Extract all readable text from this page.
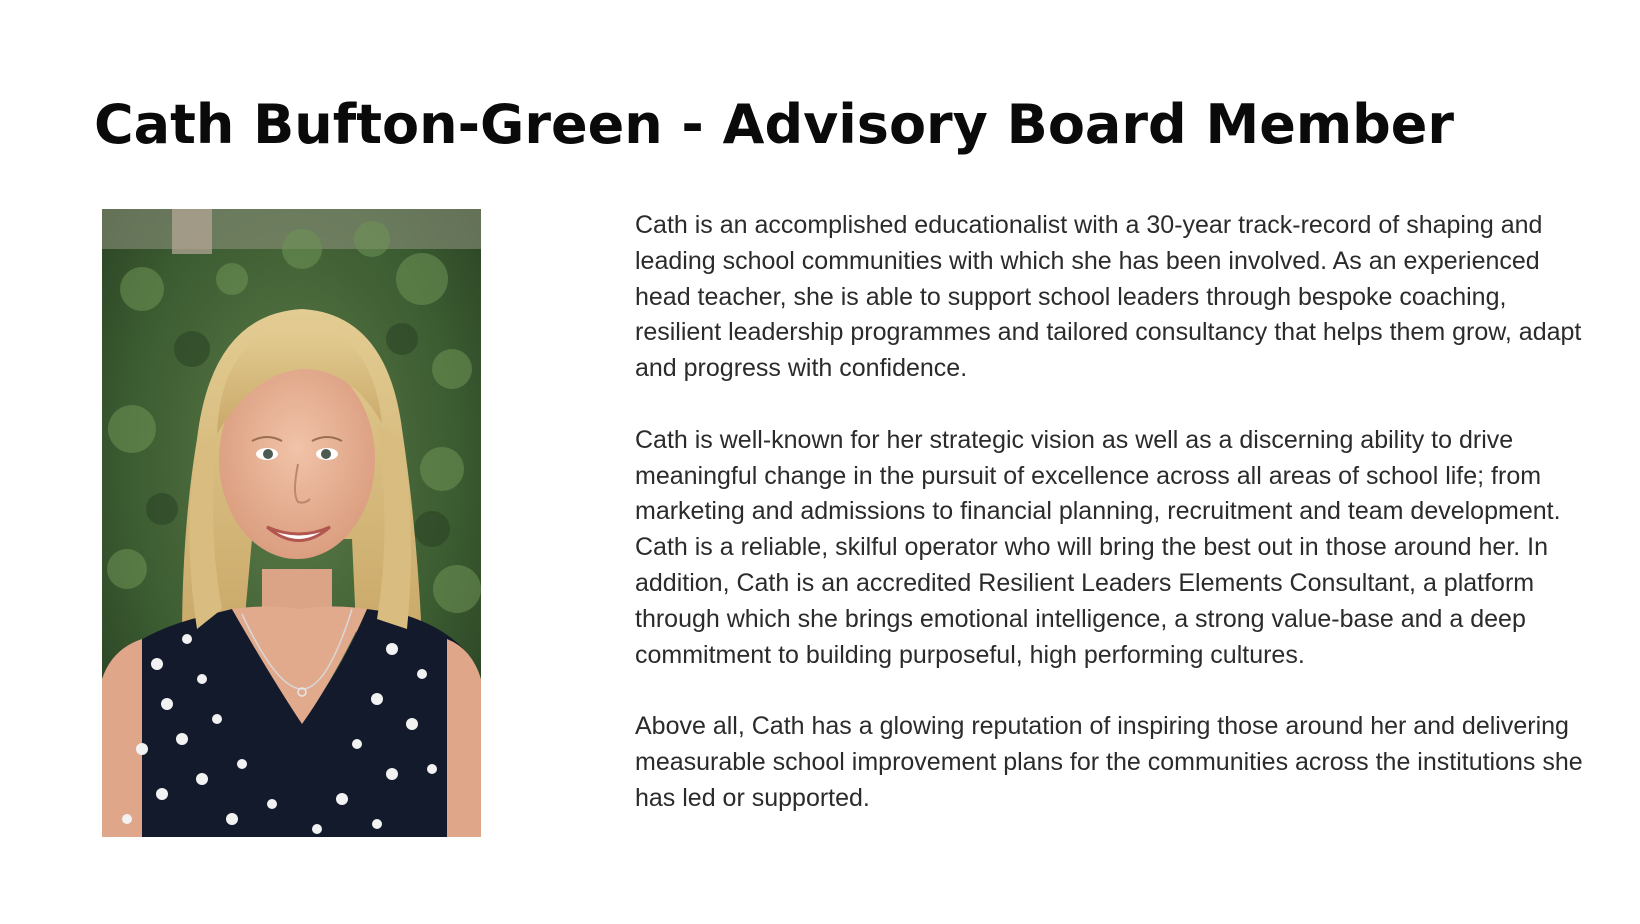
Cath Bufton-Green - Advisory Board Member

Cath is an accomplished educationalist with a 30-year track-record of shaping and leading school communities with which she has been involved. As an experienced head teacher, she is able to support school leaders through bespoke coaching, resilient leadership programmes and tailored consultancy that helps them grow, adapt and progress with confidence.

Cath is well-known for her strategic vision as well as a discerning ability to drive meaningful change in the pursuit of excellence across all areas of school life; from marketing and admissions to financial planning, recruitment and team development. Cath is a reliable, skilful operator who will bring the best out in those around her. In addition, Cath is an accredited Resilient Leaders Elements Consultant, a platform through which she brings emotional intelligence, a strong value-base and a deep commitment to building purposeful, high performing cultures.

Above all, Cath has a glowing reputation of inspiring those around her and delivering measurable school improvement plans for the communities across the institutions she has led or supported.
